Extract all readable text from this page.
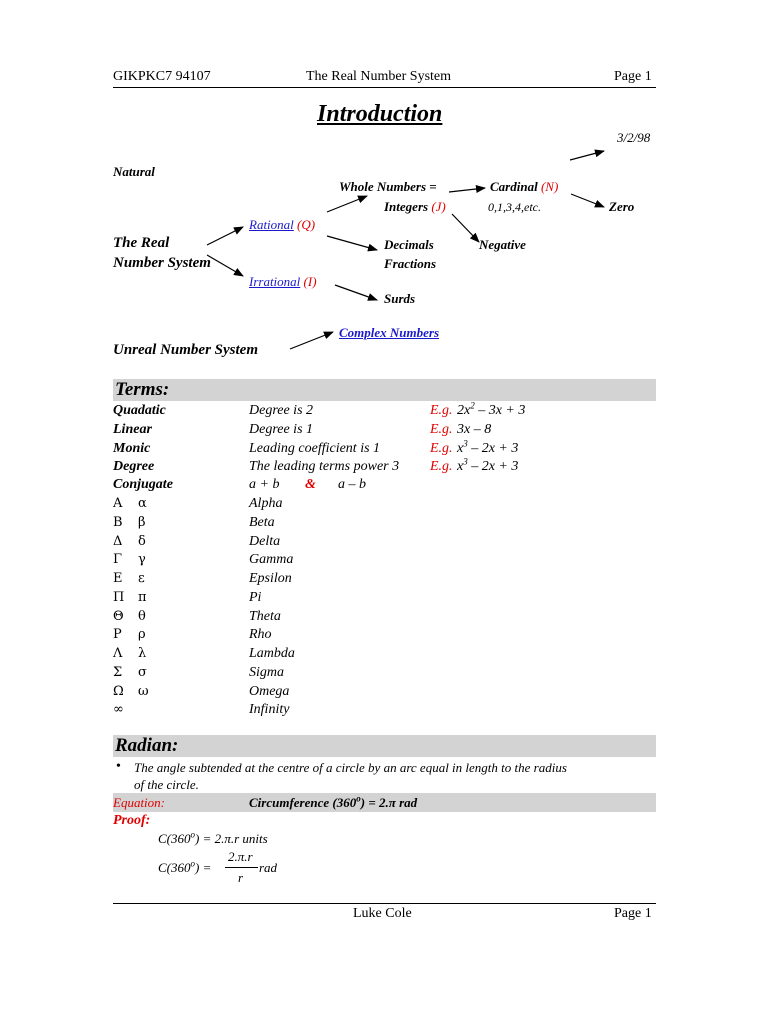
GIKPKC7 94107	The Real Number System	Page 1
Introduction
3/2/98
Natural
The Real
Number System
Rational (Q)
Irrational (I)
Whole Numbers =
Integers (J)
Cardinal (N)
0,1,3,4,etc.	Zero
Negative
Decimals
Fractions
Surds
Complex Numbers
Unreal Number System
Terms:
Quadatic	Degree is 2	E.g. $2x^2 - 3x + 3$
Linear	Degree is 1	E.g. 3x – 8
Monic	Leading coefficient is 1	E.g. $x^3 - 2x + 3$
Degree	The leading terms power 3 E.g. $x^3 - 2x + 3$
Conjugate	a + b & a – b
Α α	Alpha
Β β	Beta
Δ δ	Delta
Γ γ	Gamma
Ε ε	Epsilon
Π π	Pi
Θ θ	Theta
Ρ ρ	Rho
Λ λ	Lambda
Σ σ	Sigma
Ω ω	Omega
∞	Infinity
Radian:
• The angle subtended at the centre of a circle by an arc equal in length to the radius
of the circle.
Equation:	Circumference $(360^o) = 2.\pi$ rad
Proof:
$C(360^o) = 2.\pi.r$ units
$C(360^o)$ =
2.π.r
r
rad
Luke Cole	Page 1
